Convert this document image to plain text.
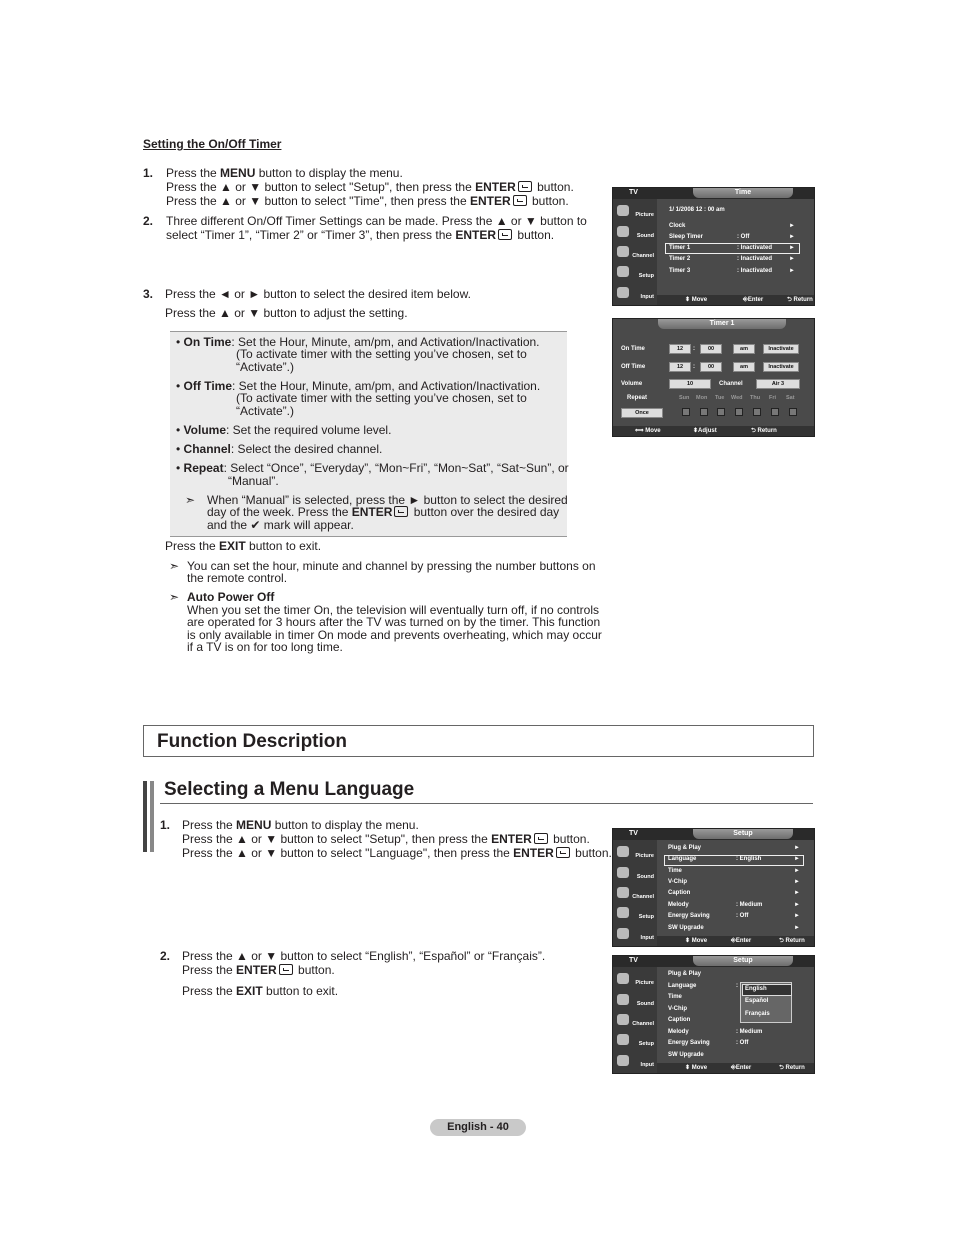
Setting the On/Off Timer
1. Press the MENU button to display the menu.
Press the ▲ or ▼ button to select "Setup", then press the ENTER button.
Press the ▲ or ▼ button to select "Time", then press the ENTER button.
2. Three different On/Off Timer Settings can be made. Press the ▲ or ▼ button to
select “Timer 1”, “Timer 2” or “Timer 3”, then press the ENTER button.
3. Press the ◄ or ► button to select the desired item below.
Press the ▲ or ▼ button to adjust the setting.
• On Time: Set the Hour, Minute, am/pm, and Activation/Inactivation.
(To activate timer with the setting you’ve chosen, set to
“Activate”.)
• Off Time: Set the Hour, Minute, am/pm, and Activation/Inactivation.
(To activate timer with the setting you’ve chosen, set to
“Activate”.)
• Volume: Set the required volume level.
• Channel: Select the desired channel.
• Repeat: Select “Once”, “Everyday”, “Mon~Fri”, “Mon~Sat”, “Sat~Sun”, or
“Manual”.
➣ When “Manual” is selected, press the ► button to select the desired
day of the week. Press the ENTER button over the desired day
and the ✔ mark will appear.
Press the EXIT button to exit.
➣ You can set the hour, minute and channel by pressing the number buttons on
the remote control.
➣ Auto Power Off
When you set the timer On, the television will eventually turn off, if no controls
are operated for 3 hours after the TV was turned on by the timer. This function
is only available in timer On mode and prevents overheating, which may occur
if a TV is on for too long time.
TV	Time
Picture
Sound
Channel
Setup
Input
1/ 1/2008 12 : 00 am
Clock	►
Sleep Timer	: Off	►
Timer 1	: Inactivated	►
Timer 2	: Inactivated	►
Timer 3	: Inactivated	►
⬍ Move	⎆Enter	⮌ Return
Timer 1
On Time	12	:	00	am	Inactivate
Off Time	12	:	00	am	Inactivate
Volume	10	Channel	Air 3
Repeat	Sun Mon Tue Wed Thu Fri Sat
Once
⟺ Move	⬍Adjust	⮌ Return
Function Description
Selecting a Menu Language
1. Press the MENU button to display the menu.
Press the ▲ or ▼ button to select "Setup", then press the ENTER button.
Press the ▲ or ▼ button to select "Language", then press the ENTER button.
2. Press the ▲ or ▼ button to select “English”, “Español” or “Français”.
Press the ENTER button.
Press the EXIT button to exit.
TV	Setup
Picture
Sound
Channel
Setup
Input
Plug & Play	►
Language	: English	►
Time	►
V-Chip	►
Caption	►
Melody	: Medium	►
Energy Saving	: Off	►
SW Upgrade	►
⬍ Move	⎆Enter	⮌ Return
TV	Setup
Picture
Sound
Channel
Setup
Input
Plug & Play
Language	:
Time
V-Chip
Caption
Melody	: Medium
Energy Saving	: Off
SW Upgrade
English
Español
Français
⬍ Move	⎆Enter	⮌ Return
English - 40
